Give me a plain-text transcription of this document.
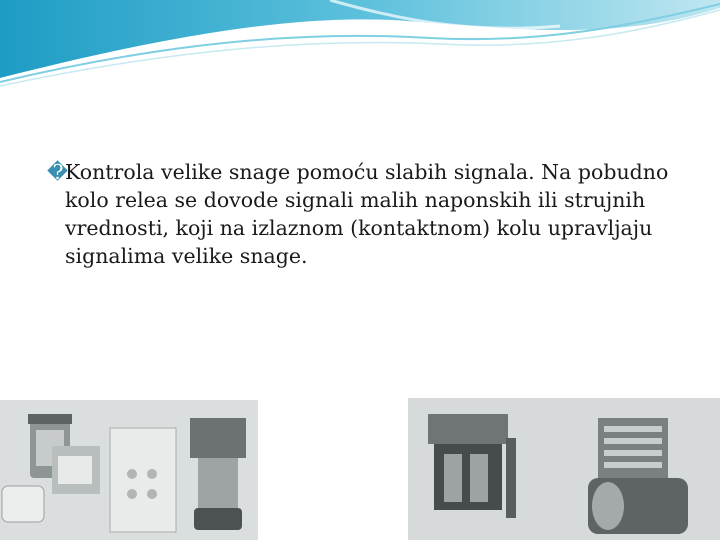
�Kontrola velike snage pomoću slabih signala. Na pobudno kolo relea se dovode signali malih naponskih ili strujnih vrednosti, koji na izlaznom (kontaktnom) kolu upravljaju signalima velike snage.
